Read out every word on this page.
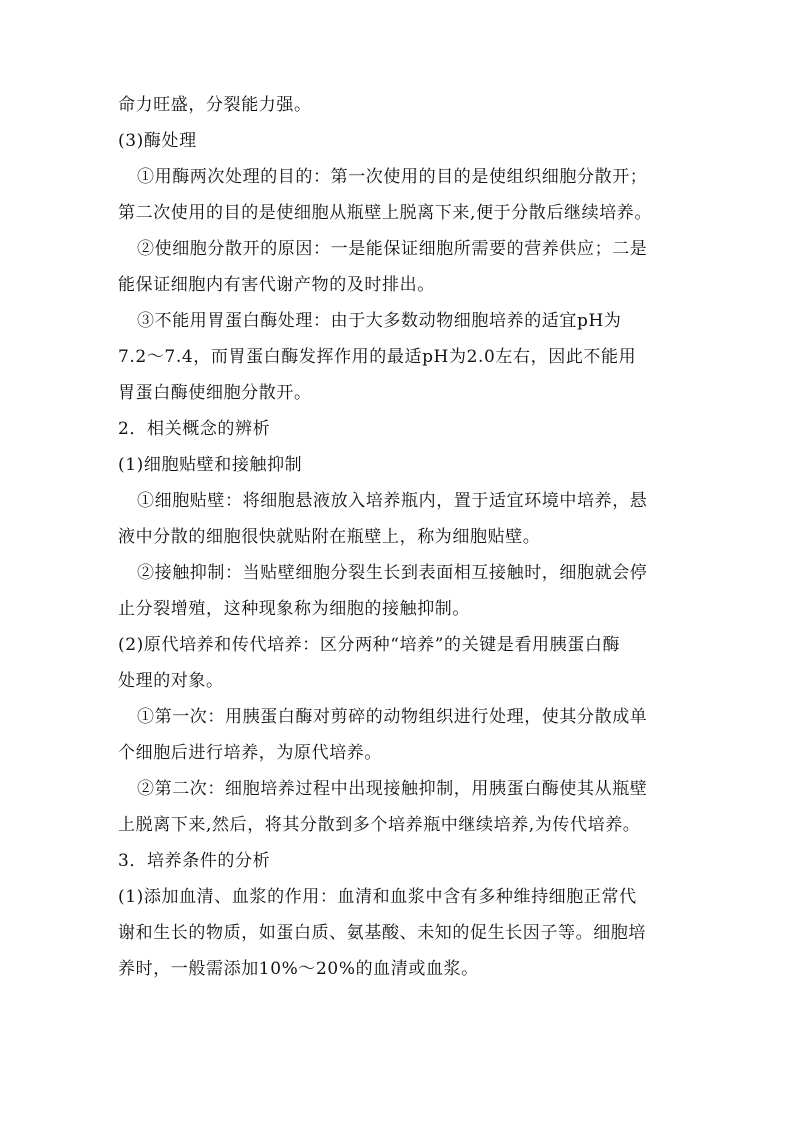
命力旺盛，分裂能力强。
(3)酶处理
①用酶两次处理的目的：第一次使用的目的是使组织细胞分散开；
第二次使用的目的是使细胞从瓶壁上脱离下来,便于分散后继续培养。
②使细胞分散开的原因：一是能保证细胞所需要的营养供应；二是
能保证细胞内有害代谢产物的及时排出。
③不能用胃蛋白酶处理：由于大多数动物细胞培养的适宜pH为
7.2～7.4，而胃蛋白酶发挥作用的最适pH为2.0左右，因此不能用
胃蛋白酶使细胞分散开。
2．相关概念的辨析
(1)细胞贴壁和接触抑制
①细胞贴壁：将细胞悬液放入培养瓶内，置于适宜环境中培养，悬
液中分散的细胞很快就贴附在瓶壁上，称为细胞贴壁。
②接触抑制：当贴壁细胞分裂生长到表面相互接触时，细胞就会停
止分裂增殖，这种现象称为细胞的接触抑制。
(2)原代培养和传代培养：区分两种“培养”的关键是看用胰蛋白酶
处理的对象。
①第一次：用胰蛋白酶对剪碎的动物组织进行处理，使其分散成单
个细胞后进行培养，为原代培养。
②第二次：细胞培养过程中出现接触抑制，用胰蛋白酶使其从瓶壁
上脱离下来,然后，将其分散到多个培养瓶中继续培养,为传代培养。
3．培养条件的分析
(1)添加血清、血浆的作用：血清和血浆中含有多种维持细胞正常代
谢和生长的物质，如蛋白质、氨基酸、未知的促生长因子等。细胞培
养时，一般需添加10%～20%的血清或血浆。
